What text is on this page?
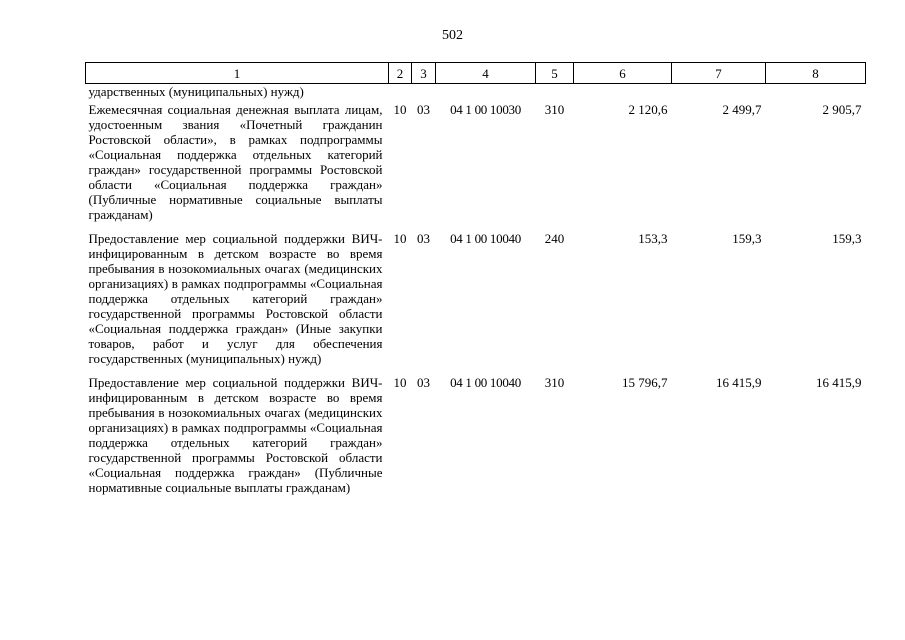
502
1	2	3	4	5	6	7	8
ударственных (муниципальных) нужд)							
Ежемесячная социальная денежная выплата лицам, удостоенным звания «Почетный гражданин Ростовской области», в рамках подпрограммы «Социальная поддержка отдельных категорий граждан» государственной программы Ростовской области «Социальная поддержка граждан» (Публичные нормативные социальные выплаты гражданам)	10	03	04 1 00 10030	310	2 120,6	2 499,7	2 905,7
Предоставление мер социальной поддержки ВИЧ-инфицированным в детском возрасте во время пребывания в нозокомиальных очагах (медицинских организациях) в рамках подпрограммы «Социальная поддержка отдельных категорий граждан» государственной программы Ростовской области «Социальная поддержка граждан» (Иные закупки товаров, работ и услуг для обеспечения государственных (муниципальных) нужд)	10	03	04 1 00 10040	240	153,3	159,3	159,3
Предоставление мер социальной поддержки ВИЧ-инфицированным в детском возрасте во время пребывания в нозокомиальных очагах (медицинских организациях) в рамках подпрограммы «Социальная поддержка отдельных категорий граждан» государственной программы Ростовской области «Социальная поддержка граждан» (Публичные нормативные социальные выплаты гражданам)	10	03	04 1 00 10040	310	15 796,7	16 415,9	16 415,9
